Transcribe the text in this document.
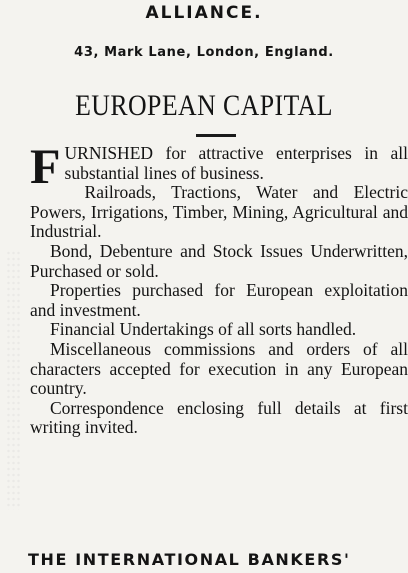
ALLIANCE.
43, Mark Lane, London, England.
EUROPEAN CAPITAL

FURNISHED for attractive enterprises in all substantial lines of business.

Railroads, Tractions, Water and Electric Powers, Irrigations, Timber, Mining, Agricultural and Industrial.

Bond, Debenture and Stock Issues Underwritten, Purchased or sold.

Properties purchased for European exploitation and investment.

Financial Undertakings of all sorts handled.

Miscellaneous commissions and orders of all characters accepted for execution in any European country.

Correspondence enclosing full details at first writing invited.

THE INTERNATIONAL BANKERS'
